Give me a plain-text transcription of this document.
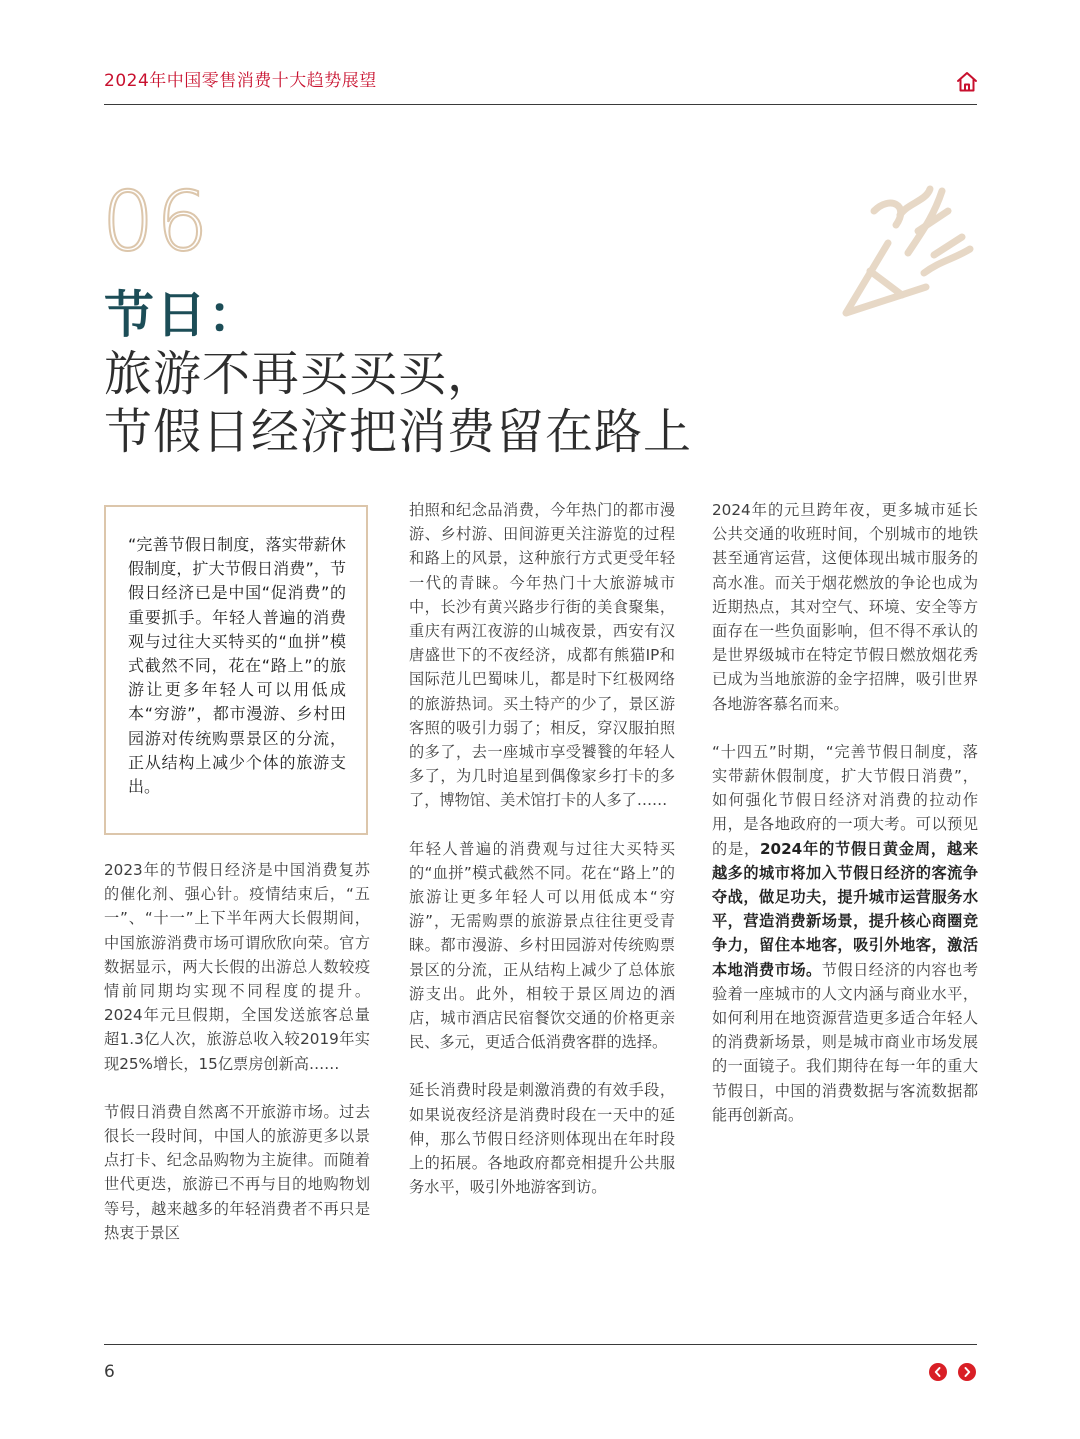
2024年中国零售消费十大趋势展望
06
节日：
旅游不再买买买，
节假日经济把消费留在路上
“完善节假日制度，落实带薪休假制度，扩大节假日消费”，节假日经济已是中国“促消费”的重要抓手。年轻人普遍的消费观与过往大买特买的“血拼”模式截然不同，花在“路上”的旅游让更多年轻人可以用低成本“穷游”，都市漫游、乡村田园游对传统购票景区的分流，正从结构上减少个体的旅游支出。

2023年的节假日经济是中国消费复苏的催化剂、强心针。疫情结束后，“五一”、“十一”上下半年两大长假期间，中国旅游消费市场可谓欣欣向荣。官方数据显示，两大长假的出游总人数较疫情前同期均实现不同程度的提升。2024年元旦假期，全国发送旅客总量超1.3亿人次，旅游总收入较2019年实现25%增长，15亿票房创新高……

节假日消费自然离不开旅游市场。过去很长一段时间，中国人的旅游更多以景点打卡、纪念品购物为主旋律。而随着世代更迭，旅游已不再与目的地购物划等号，越来越多的年轻消费者不再只是热衷于景区

拍照和纪念品消费，今年热门的都市漫游、乡村游、田间游更关注游览的过程和路上的风景，这种旅行方式更受年轻一代的青睐。今年热门十大旅游城市中，长沙有黄兴路步行街的美食聚集，重庆有两江夜游的山城夜景，西安有汉唐盛世下的不夜经济，成都有熊猫IP和国际范儿巴蜀味儿，都是时下红极网络的旅游热词。买土特产的少了，景区游客照的吸引力弱了；相反，穿汉服拍照的多了，去一座城市享受饕餮的年轻人多了，为几时追星到偶像家乡打卡的多了，博物馆、美术馆打卡的人多了……

年轻人普遍的消费观与过往大买特买的“血拼”模式截然不同。花在“路上”的旅游让更多年轻人可以用低成本“穷游”，无需购票的旅游景点往往更受青睐。都市漫游、乡村田园游对传统购票景区的分流，正从结构上减少了总体旅游支出。此外，相较于景区周边的酒店，城市酒店民宿餐饮交通的价格更亲民、多元，更适合低消费客群的选择。

延长消费时段是刺激消费的有效手段，如果说夜经济是消费时段在一天中的延伸，那么节假日经济则体现出在年时段上的拓展。各地政府都竞相提升公共服务水平，吸引外地游客到访。

2024年的元旦跨年夜，更多城市延长公共交通的收班时间，个别城市的地铁甚至通宵运营，这便体现出城市服务的高水准。而关于烟花燃放的争论也成为近期热点，其对空气、环境、安全等方面存在一些负面影响，但不得不承认的是世界级城市在特定节假日燃放烟花秀已成为当地旅游的金字招牌，吸引世界各地游客慕名而来。

“十四五”时期，“完善节假日制度，落实带薪休假制度，扩大节假日消费”，如何强化节假日经济对消费的拉动作用，是各地政府的一项大考。可以预见的是，2024年的节假日黄金周，越来越多的城市将加入节假日经济的客流争夺战，做足功夫，提升城市运营服务水平，营造消费新场景，提升核心商圈竞争力，留住本地客，吸引外地客，激活本地消费市场。节假日经济的内容也考验着一座城市的人文内涵与商业水平，如何利用在地资源营造更多适合年轻人的消费新场景，则是城市商业市场发展的一面镜子。我们期待在每一年的重大节假日，中国的消费数据与客流数据都能再创新高。

6
